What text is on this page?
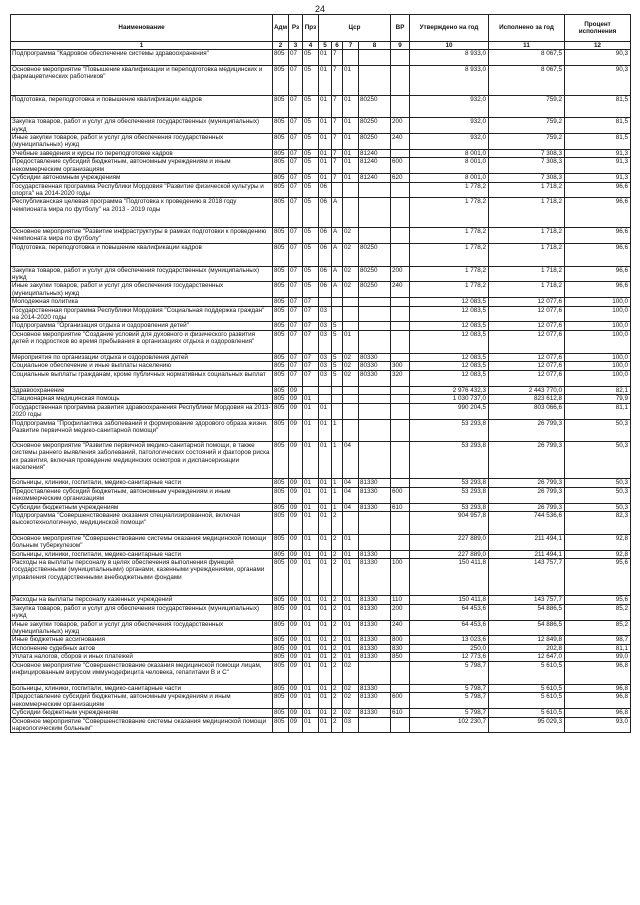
24
Наименование	Адм	Рз	Прз	Цср				ВР	Утверждено на год	Исполнено за год	Процент исполнения
1	2	3	4	5	6	7	8	9	10	11	12
Подпрограмма "Кадровое обеспечение системы здравоохранения"	805	07	05	01	7				8 933,0	8 067,5	90,3
Основное мероприятие "Повышение квалификации и переподготовка медицинских и фармацевтических работников"	805	07	05	01	7	01			8 933,0	8 067,5	90,3
Подготовка, переподготовка и повышение квалификации кадров	805	07	05	01	7	01	80250		932,0	759,2	81,5
Закупка товаров, работ и услуг для обеспечения государственных (муниципальных) нужд	805	07	05	01	7	01	80250	200	932,0	759,2	81,5
Иные закупки товаров, работ и услуг для обеспечения государственных (муниципальных) нужд	805	07	05	01	7	01	80250	240	932,0	759,2	81,5
Учебные заведения и курсы по переподготовке кадров	805	07	05	01	7	01	81240		8 001,0	7 308,3	91,3
Предоставление субсидий бюджетным, автономным учреждениям и иным некоммерческим организациям	805	07	05	01	7	01	81240	600	8 001,0	7 308,3	91,3
Субсидии автономным учреждениям	805	07	05	01	7	01	81240	620	8 001,0	7 308,3	91,3
Государственная программа Республики Мордовия "Развитие физической культуры и спорта" на 2014-2020 годы	805	07	05	06					1 778,2	1 718,2	96,6
Республиканская целевая программа "Подготовка к проведению в 2018 году чемпионата мира по футболу" на 2013 - 2019 годы	805	07	05	06	А				1 778,2	1 718,2	96,6
Основное мероприятие "Развитие инфраструктуры в рамках подготовки к проведению чемпионата мира по футболу"	805	07	05	06	А	02			1 778,2	1 718,2	96,6
Подготовка, переподготовка и повышение квалификации кадров	805	07	05	06	А	02	80250		1 778,2	1 718,2	96,6
Закупка товаров, работ и услуг для обеспечения государственных (муниципальных) нужд	805	07	05	06	А	02	80250	200	1 778,2	1 718,2	96,6
Иные закупки товаров, работ и услуг для обеспечения государственных (муниципальных) нужд	805	07	05	06	А	02	80250	240	1 778,2	1 718,2	96,6
Молодежная политика	805	07	07						12 083,5	12 077,6	100,0
Государственная программа Республики Мордовия "Социальная поддержка граждан" на 2014-2020 годы	805	07	07	03					12 083,5	12 077,6	100,0
Подпрограмма "Организация отдыха и оздоровления детей"	805	07	07	03	5				12 083,5	12 077,6	100,0
Основное мероприятие "Создание условий для духовного и физического развития детей и подростков во время пребывания в организациях отдыха и оздоровления"	805	07	07	03	5	01			12 083,5	12 077,6	100,0
Мероприятия по организации отдыха и оздоровления детей	805	07	07	03	5	02	80330		12 083,5	12 077,6	100,0
Социальное обеспечение и иные выплаты населению	805	07	07	03	5	02	80330	300	12 083,5	12 077,6	100,0
Социальные выплаты гражданам, кроме публичных нормативных социальных выплат	805	07	07	03	5	02	80330	320	12 083,5	12 077,6	100,0
Здравоохранение	805	09							2 976 432,3	2 443 770,0	82,1
Стационарная медицинская помощь	805	09	01						1 030 737,0	823 612,8	79,9
Государственная программа развития здравоохранения Республики Мордовия на 2013-2020 годы	805	09	01	01					990 204,5	803 066,6	81,1
Подпрограмма "Профилактика заболеваний и формирование здорового образа жизни. Развитие первичной медико-санитарной помощи"	805	09	01	01	1				53 293,8	26 799,3	50,3
Основное мероприятие "Развитие первичной медико-санитарной помощи, в также системы раннего выявления заболеваний, патологических состояний и факторов риска их развития, включая проведение медицинских осмотров и диспансеризации населения"	805	09	01	01	1	04			53 293,8	26 799,3	50,3
Больницы, клиники, госпитали, медико-санитарные части	805	09	01	01	1	04	81330		53 293,8	26 799,3	50,3
Предоставление субсидий бюджетным, автономным учреждениям и иным некоммерческим организациям	805	09	01	01	1	04	81330	600	53 293,8	26 799,3	50,3
Субсидии бюджетным учреждениям	805	09	01	01	1	04	81330	610	53 293,8	26 799,3	50,3
Подпрограмма "Совершенствование оказания специализированной, включая высокотехнологичную, медицинской помощи"	805	09	01	01	2				904 957,8	744 536,6	82,3
Основное мероприятие "Совершенствование системы оказания медицинской помощи больным туберкулезом"	805	09	01	01	2	01			227 889,0	211 494,1	92,8
Больницы, клиники, госпитали, медико-санитарные части	805	09	01	01	2	01	81330		227 889,0	211 494,1	92,8
Расходы на выплаты персоналу в целях обеспечения выполнения функций государственными (муниципальными) органами, казенными учреждениями, органами управления государственными внебюджетными фондами	805	09	01	01	2	01	81330	100	150 411,8	143 757,7	95,6
Расходы на выплаты персоналу казенных учреждений	805	09	01	01	2	01	81330	110	150 411,8	143 757,7	95,6
Закупка товаров, работ и услуг для обеспечения государственных (муниципальных) нужд	805	09	01	01	2	01	81330	200	64 453,6	54 886,5	85,2
Иные закупки товаров, работ и услуг для обеспечения государственных (муниципальных) нужд	805	09	01	01	2	01	81330	240	64 453,6	54 886,5	85,2
Иные бюджетные ассигнования	805	09	01	01	2	01	81330	800	13 023,6	12 849,8	98,7
Исполнение судебных актов	805	09	01	01	2	01	81330	830	250,0	202,8	81,1
Уплата налогов, сборов и иных платежей	805	09	01	01	2	01	81330	850	12 773,6	12 647,0	99,0
Основное мероприятие "Совершенствование оказания медицинской помощи лицам, инфицированным вирусом иммунодефицита человека, гепатитами В и С"	805	09	01	01	2	02			5 798,7	5 610,5	96,8
Больницы, клиники, госпитали, медико-санитарные части	805	09	01	01	2	02	81330		5 798,7	5 610,5	96,8
Предоставление субсидий бюджетным, автономным учреждениям и иным некоммерческим организациям	805	09	01	01	2	02	81330	600	5 798,7	5 610,5	96,8
Субсидии бюджетным учреждениям	805	09	01	01	2	02	81330	610	5 798,7	5 610,5	96,8
Основное мероприятие "Совершенствование системы оказания медицинской помощи наркологическим больным"	805	09	01	01	2	03			102 230,7	95 029,3	93,0
